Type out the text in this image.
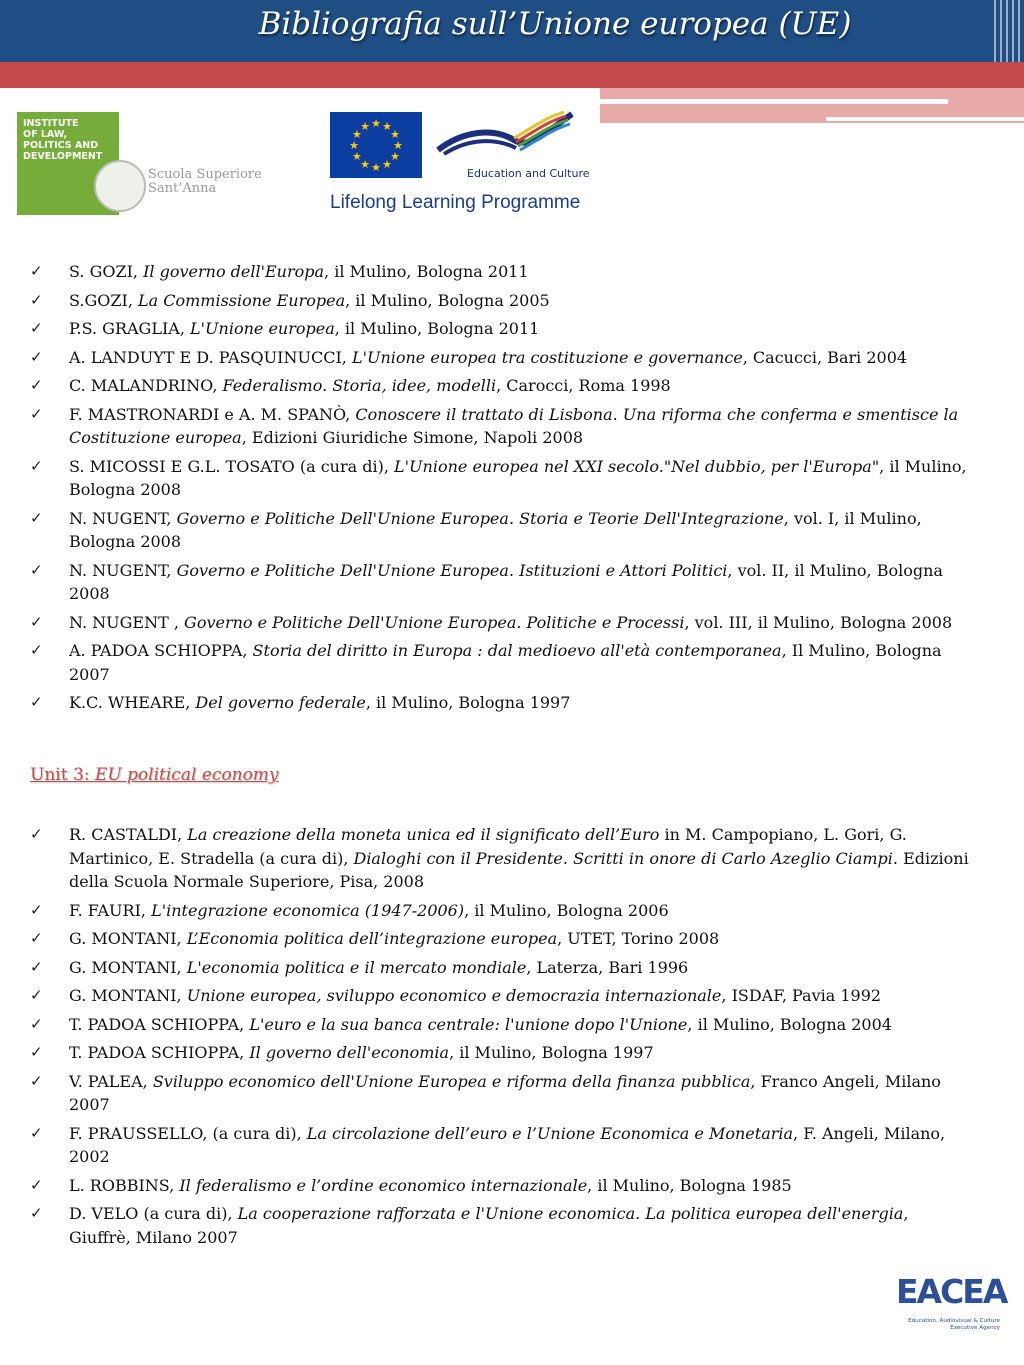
Bibliografia sull’Unione europea (UE)
INSTITUTE
OF LAW,
POLITICS AND
DEVELOPMENT
Scuola Superiore
Sant’Anna
★ ★
★
★
★
★
★
★
★
★
★
★
Education and Culture
Lifelong Learning Programme
✓ S. GOZI, Il governo dell'Europa, il Mulino, Bologna 2011
✓ S.GOZI, La Commissione Europea, il Mulino, Bologna 2005
✓ P.S. GRAGLIA, L'Unione europea, il Mulino, Bologna 2011
✓ A. LANDUYT E D. PASQUINUCCI, L'Unione europea tra costituzione e governance, Cacucci, Bari 2004
✓ C. MALANDRINO, Federalismo. Storia, idee, modelli, Carocci, Roma 1998
✓ F. MASTRONARDI e A. M. SPANÒ, Conoscere il trattato di Lisbona. Una riforma che conferma e smentisce la Costituzione europea, Edizioni Giuridiche Simone, Napoli 2008
✓ S. MICOSSI E G.L. TOSATO (a cura di), L'Unione europea nel XXI secolo."Nel dubbio, per l'Europa", il Mulino, Bologna 2008
✓ N. NUGENT, Governo e Politiche Dell'Unione Europea. Storia e Teorie Dell'Integrazione, vol. I, il Mulino, Bologna 2008
✓ N. NUGENT, Governo e Politiche Dell'Unione Europea. Istituzioni e Attori Politici, vol. II, il Mulino, Bologna 2008
✓ N. NUGENT , Governo e Politiche Dell'Unione Europea. Politiche e Processi, vol. III, il Mulino, Bologna 2008
✓ A. PADOA SCHIOPPA, Storia del diritto in Europa : dal medioevo all'età contemporanea, Il Mulino, Bologna 2007
✓ K.C. WHEARE, Del governo federale, il Mulino, Bologna 1997
Unit 3: EU political economy
✓ R. CASTALDI, La creazione della moneta unica ed il significato dell’Euro in M. Campopiano, L. Gori, G. Martinico, E. Stradella (a cura di), Dialoghi con il Presidente. Scritti in onore di Carlo Azeglio Ciampi. Edizioni della Scuola Normale Superiore, Pisa, 2008
✓ F. FAURI, L'integrazione economica (1947-2006), il Mulino, Bologna 2006
✓ G. MONTANI, L’Economia politica dell’integrazione europea, UTET, Torino 2008
✓ G. MONTANI, L'economia politica e il mercato mondiale, Laterza, Bari 1996
✓ G. MONTANI, Unione europea, sviluppo economico e democrazia internazionale, ISDAF, Pavia 1992
✓ T. PADOA SCHIOPPA, L'euro e la sua banca centrale: l'unione dopo l'Unione, il Mulino, Bologna 2004
✓ T. PADOA SCHIOPPA, Il governo dell'economia, il Mulino, Bologna 1997
✓ V. PALEA, Sviluppo economico dell'Unione Europea e riforma della finanza pubblica, Franco Angeli, Milano 2007
✓ F. PRAUSSELLO, (a cura di), La circolazione dell’euro e l’Unione Economica e Monetaria, F. Angeli, Milano, 2002
✓ L. ROBBINS, Il federalismo e l’ordine economico internazionale, il Mulino, Bologna 1985
✓ D. VELO (a cura di), La cooperazione rafforzata e l'Unione economica. La politica europea dell'energia, Giuffrè, Milano 2007
EACEA
Education, Audiovisual & Culture
Executive Agency
